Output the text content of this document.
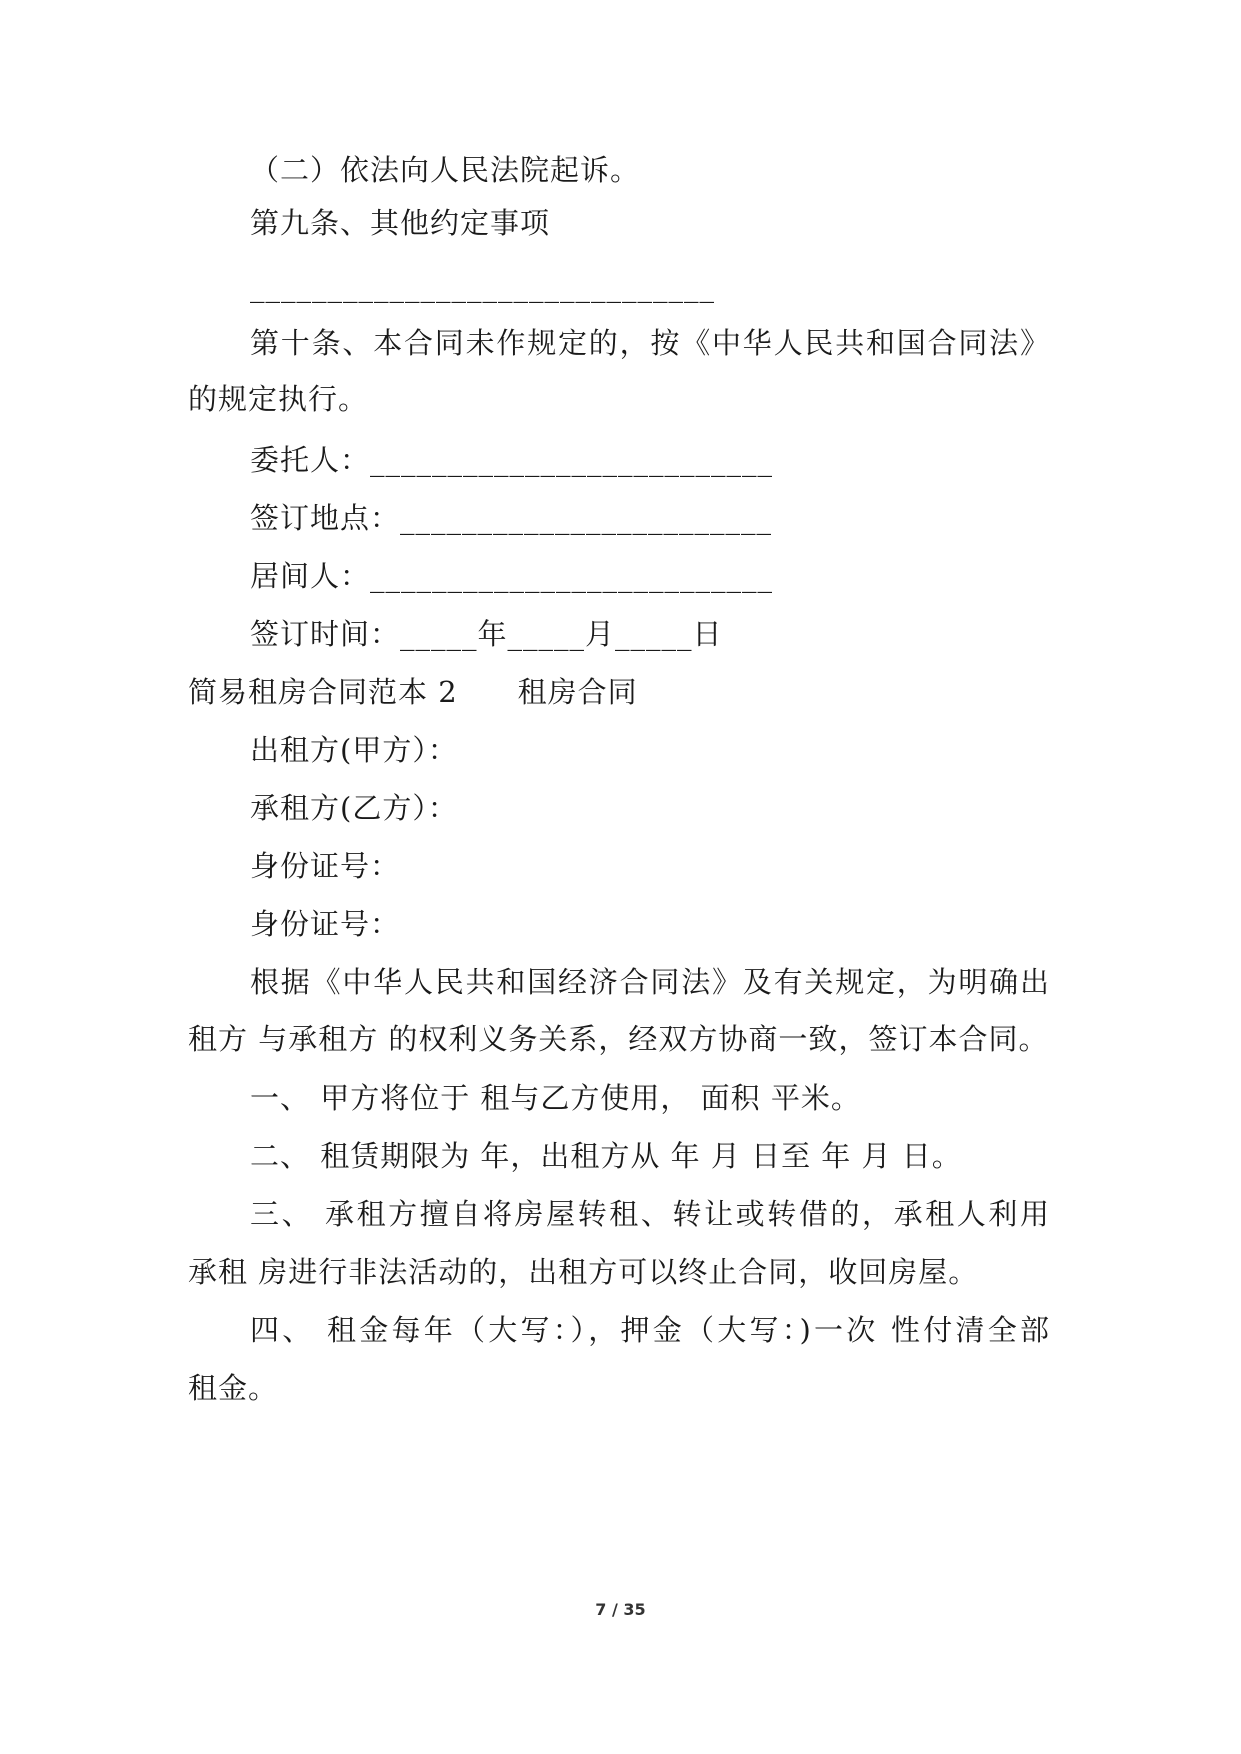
（二）依法向人民法院起诉。
第九条、其他约定事项
______________________________
第十条、本合同未作规定的，按《中华人民共和国合同法》
的规定执行。
委托人：__________________________
签订地点：________________________
居间人：__________________________
签订时间：_____年_____月_____日
简易租房合同范本 2　　租房合同
出租方(甲方）：
承租方(乙方）：
身份证号：
身份证号：
根据《中华人民共和国经济合同法》及有关规定，为明确出
租方 与承租方 的权利义务关系，经双方协商一致，签订本合同。
一、 甲方将位于 租与乙方使用， 面积 平米。
二、 租赁期限为 年，出租方从 年 月 日至 年 月 日。
三、 承租方擅自将房屋转租、转让或转借的，承租人利用
承租 房进行非法活动的，出租方可以终止合同，收回房屋。
四、 租金每年（大写：），押金（大写：)一次 性付清全部
租金。
7 / 35
